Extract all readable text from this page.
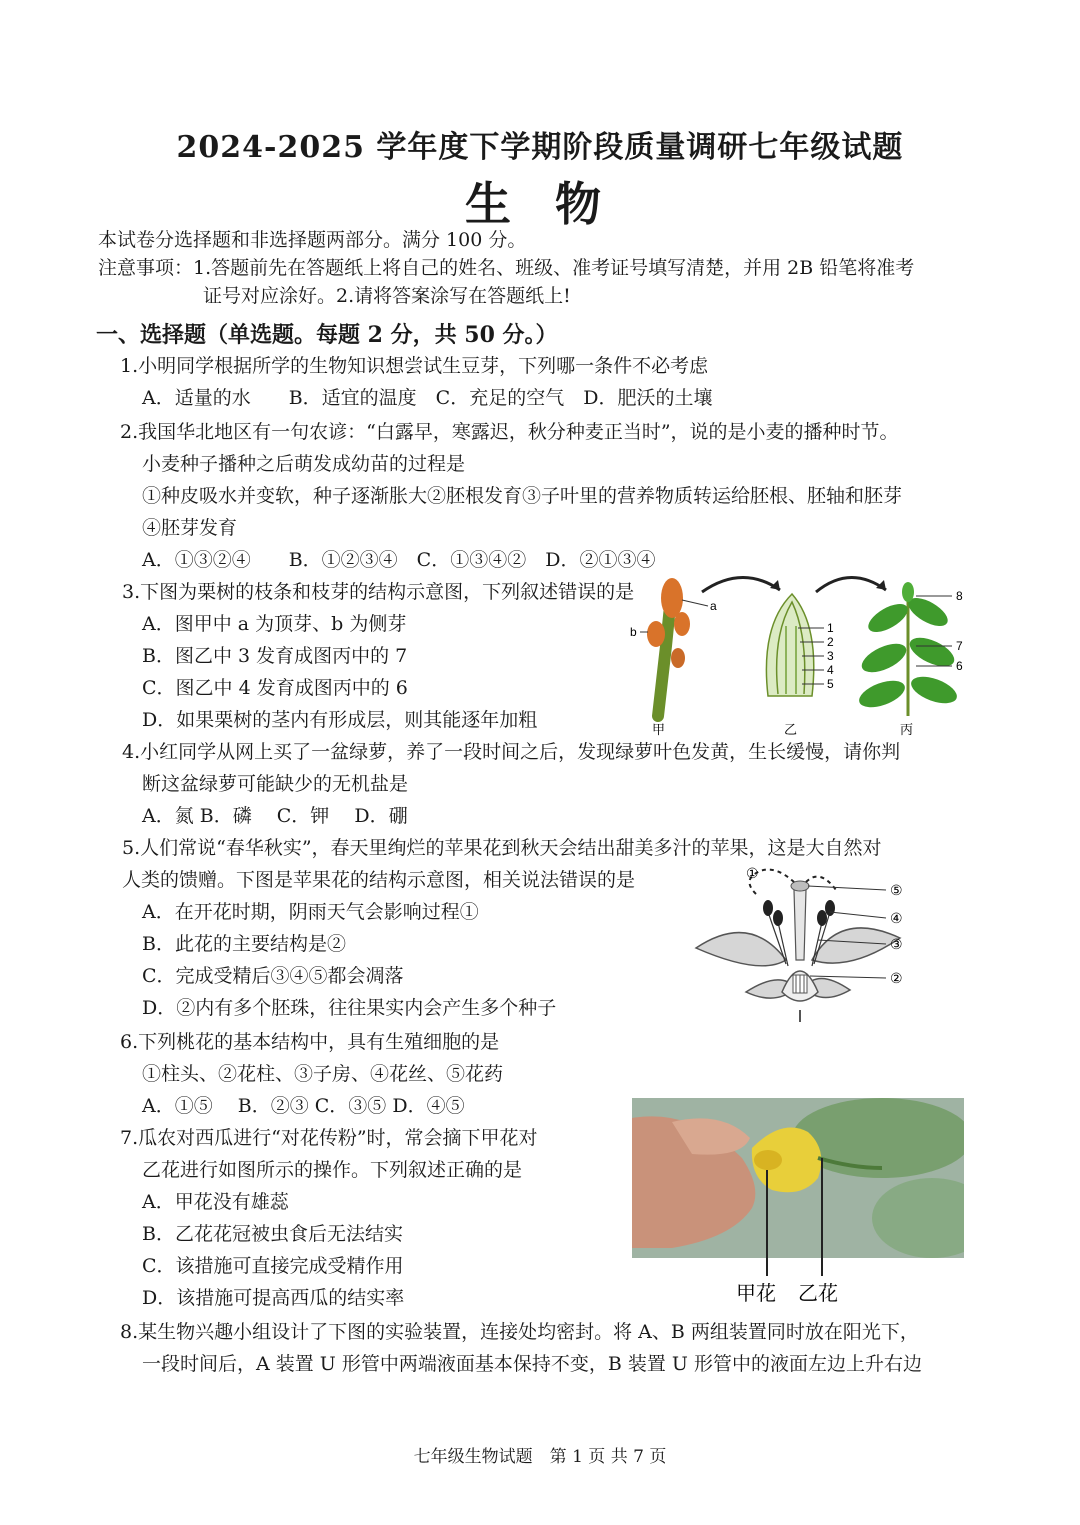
2024-2025 学年度下学期阶段质量调研七年级试题
生 物
本试卷分选择题和非选择题两部分。满分 100 分。
注意事项：1.答题前先在答题纸上将自己的姓名、班级、准考证号填写清楚，并用 2B 铅笔将准考
证号对应涂好。2.请将答案涂写在答题纸上!
一、选择题（单选题。每题 2 分，共 50 分。）
1.小明同学根据所学的生物知识想尝试生豆芽，下列哪一条件不必考虑
A．适量的水　　B．适宜的温度　C．充足的空气　D．肥沃的土壤
2.我国华北地区有一句农谚：“白露早，寒露迟，秋分种麦正当时”，说的是小麦的播种时节。
小麦种子播种之后萌发成幼苗的过程是
①种皮吸水并变软，种子逐渐胀大②胚根发育③子叶里的营养物质转运给胚根、胚轴和胚芽
④胚芽发育
A．①③②④　　B．①②③④　C．①③④②　D．②①③④
3.下图为栗树的枝条和枝芽的结构示意图，下列叙述错误的是
A．图甲中 a 为顶芽、b 为侧芽
B．图乙中 3 发育成图丙中的 7
C．图乙中 4 发育成图丙中的 6
D．如果栗树的茎内有形成层，则其能逐年加粗
a
b
甲
1
2
3
4
5
乙
8
7
6
丙
4.小红同学从网上买了一盆绿萝，养了一段时间之后，发现绿萝叶色发黄，生长缓慢，请你判
断这盆绿萝可能缺少的无机盐是
A．氮 B．磷　 C．钾　 D．硼
5.人们常说“春华秋实”，春天里绚烂的苹果花到秋天会结出甜美多汁的苹果，这是大自然对
人类的馈赠。下图是苹果花的结构示意图，相关说法错误的是
A．在开花时期，阴雨天气会影响过程①
B．此花的主要结构是②
C．完成受精后③④⑤都会凋落
D．②内有多个胚珠，往往果实内会产生多个种子
①
⑤
④
③
②
6.下列桃花的基本结构中，具有生殖细胞的是
①柱头、②花柱、③子房、④花丝、⑤花药
A．①⑤　 B．②③ C．③⑤ D．④⑤
7.瓜农对西瓜进行“对花传粉”时，常会摘下甲花对
乙花进行如图所示的操作。下列叙述正确的是
A．甲花没有雄蕊
B．乙花花冠被虫食后无法结实
C．该措施可直接完成受精作用
D．该措施可提高西瓜的结实率	甲花 乙花
8.某生物兴趣小组设计了下图的实验装置，连接处均密封。将 A、B 两组装置同时放在阳光下，
一段时间后，A 装置 U 形管中两端液面基本保持不变，B 装置 U 形管中的液面左边上升右边
七年级生物试题　第 1 页 共 7 页
